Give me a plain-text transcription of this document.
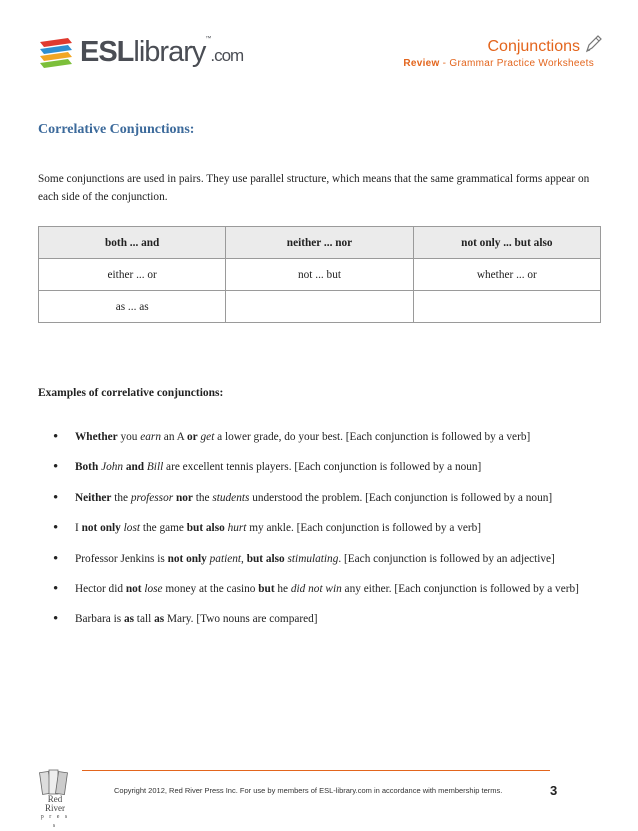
ESLlibrary™.com	Conjunctions
Review - Grammar Practice Worksheets
Correlative Conjunctions:
Some conjunctions are used in pairs. They use parallel structure, which means that the same grammatical forms appear on each side of the conjunction.
both ... and	neither ... nor	not only ... but also
either ... or	not ... but	whether ... or
as ... as		
Examples of correlative conjunctions:
• Whether you earn an A or get a lower grade, do your best. [Each conjunction is followed by a verb]
• Both John and Bill are excellent tennis players. [Each conjunction is followed by a noun]
• Neither the professor nor the students understood the problem. [Each conjunction is followed by a noun]
• I not only lost the game but also hurt my ankle. [Each conjunction is followed by a verb]
• Professor Jenkins is not only patient, but also stimulating. [Each conjunction is followed by an adjective]
• Hector did not lose money at the casino but he did not win any either. [Each conjunction is followed by a verb]
• Barbara is as tall as Mary. [Two nouns are compared]
Red River
p r e s s
Copyright 2012, Red River Press Inc. For use by members of ESL-library.com in accordance with membership terms.	3
